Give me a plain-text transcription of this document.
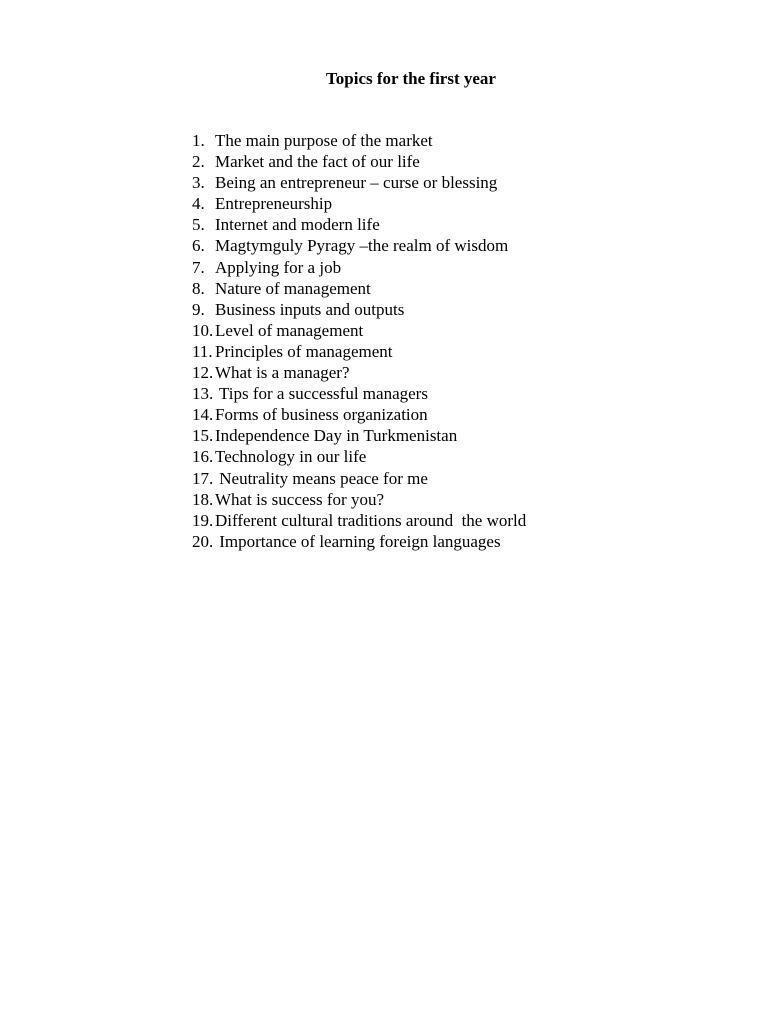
Topics for the first year
1. The main purpose of the market
2. Market and the fact of our life
3. Being an entrepreneur – curse or blessing
4. Entrepreneurship
5. Internet and modern life
6. Magtymguly Pyragy –the realm of wisdom
7. Applying for a job
8. Nature of management
9. Business inputs and outputs
10. Level of management
11. Principles of management
12. What is a manager?
13. Tips for a successful managers
14. Forms of business organization
15. Independence Day in Turkmenistan
16. Technology in our life
17. Neutrality means peace for me
18. What is success for you?
19. Different cultural traditions around  the world
20. Importance of learning foreign languages
